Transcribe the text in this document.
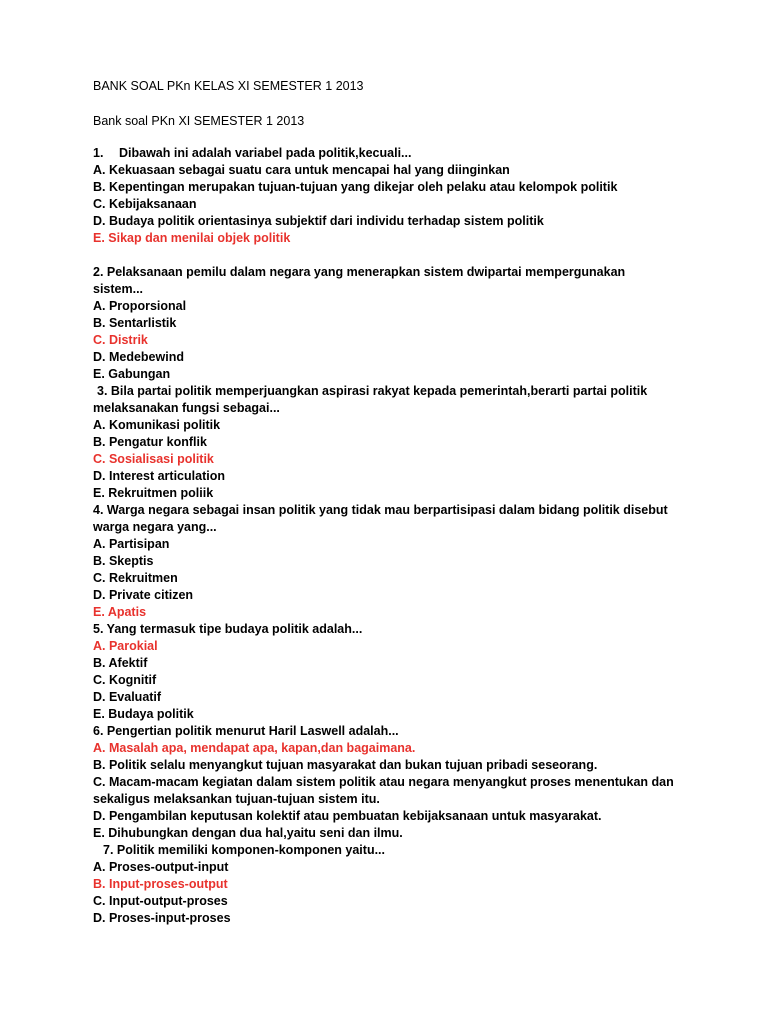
BANK SOAL PKn KELAS XI SEMESTER 1 2013

Bank soal PKn XI SEMESTER 1 2013

1. Dibawah ini adalah variabel pada politik,kecuali...

A. Kekuasaan sebagai suatu cara untuk mencapai hal yang diinginkan

B. Kepentingan merupakan tujuan-tujuan yang dikejar oleh pelaku atau kelompok politik

C. Kebijaksanaan

D. Budaya politik orientasinya subjektif dari individu terhadap sistem politik

E. Sikap dan menilai objek politik

2. Pelaksanaan pemilu dalam negara yang menerapkan sistem dwipartai mempergunakan

sistem...

A. Proporsional

B. Sentarlistik

C. Distrik

D. Medebewind

E. Gabungan

3. Bila partai politik memperjuangkan aspirasi rakyat kepada pemerintah,berarti partai politik

melaksanakan fungsi sebagai...

A. Komunikasi politik

B. Pengatur konflik

C. Sosialisasi politik

D. Interest articulation

E. Rekruitmen poliik

4. Warga negara sebagai insan politik yang tidak mau berpartisipasi dalam bidang politik disebut

warga negara yang...

A. Partisipan

B. Skeptis

C. Rekruitmen

D. Private citizen

E. Apatis

5. Yang termasuk tipe budaya politik adalah...

A. Parokial

B. Afektif

C. Kognitif

D. Evaluatif

E. Budaya politik

6. Pengertian politik menurut Haril Laswell adalah...

A. Masalah apa, mendapat apa, kapan,dan bagaimana.

B. Politik selalu menyangkut tujuan masyarakat dan bukan tujuan pribadi seseorang.

C. Macam-macam kegiatan dalam sistem politik atau negara menyangkut proses menentukan dan

sekaligus melaksankan tujuan-tujuan sistem itu.

D. Pengambilan keputusan kolektif atau pembuatan kebijaksanaan untuk masyarakat.

E. Dihubungkan dengan dua hal,yaitu seni dan ilmu.

7. Politik memiliki komponen-komponen yaitu...

A. Proses-output-input

B. Input-proses-output

C. Input-output-proses

D. Proses-input-proses
